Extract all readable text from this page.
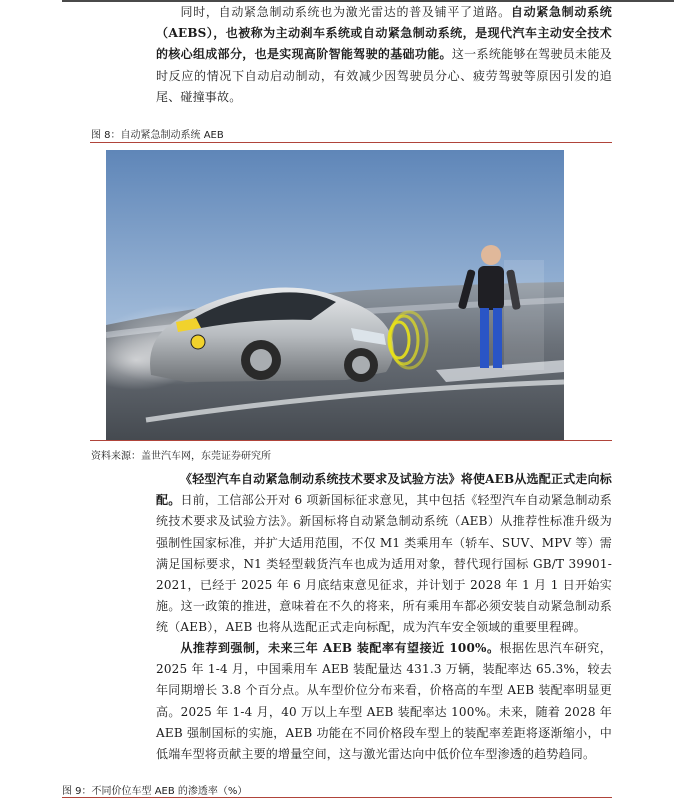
同时，自动紧急制动系统也为激光雷达的普及铺平了道路。自动紧急制动系统（AEBS），也被称为主动刹车系统或自动紧急制动系统，是现代汽车主动安全技术的核心组成部分，也是实现高阶智能驾驶的基础功能。这一系统能够在驾驶员未能及时反应的情况下自动启动制动，有效减少因驾驶员分心、疲劳驾驶等原因引发的追尾、碰撞事故。

图 8：自动紧急制动系统 AEB
资料来源：盖世汽车网，东莞证券研究所

《轻型汽车自动紧急制动系统技术要求及试验方法》将使AEB从选配正式走向标配。日前，工信部公开对 6 项新国标征求意见，其中包括《轻型汽车自动紧急制动系统技术要求及试验方法》。新国标将自动紧急制动系统（AEB）从推荐性标准升级为强制性国家标准，并扩大适用范围，不仅 M1 类乘用车（轿车、SUV、MPV 等）需满足国标要求，N1 类轻型载货汽车也成为适用对象，替代现行国标 GB/T 39901-2021，已经于 2025 年 6 月底结束意见征求，并计划于 2028 年 1 月 1 日开始实施。这一政策的推进，意味着在不久的将来，所有乘用车都必须安装自动紧急制动系统（AEB），AEB 也将从选配正式走向标配，成为汽车安全领域的重要里程碑。

从推荐到强制，未来三年 AEB 装配率有望接近 100%。根据佐思汽车研究，2025 年 1-4 月，中国乘用车 AEB 装配量达 431.3 万辆，装配率达 65.3%，较去年同期增长 3.8 个百分点。从车型价位分布来看，价格高的车型 AEB 装配率明显更高。2025 年 1-4 月，40 万以上车型 AEB 装配率达 100%。未来，随着 2028 年 AEB 强制国标的实施，AEB 功能在不同价格段车型上的装配率差距将逐渐缩小，中低端车型将贡献主要的增量空间，这与激光雷达向中低价位车型渗透的趋势趋同。

图 9：不同价位车型 AEB 的渗透率（%）
